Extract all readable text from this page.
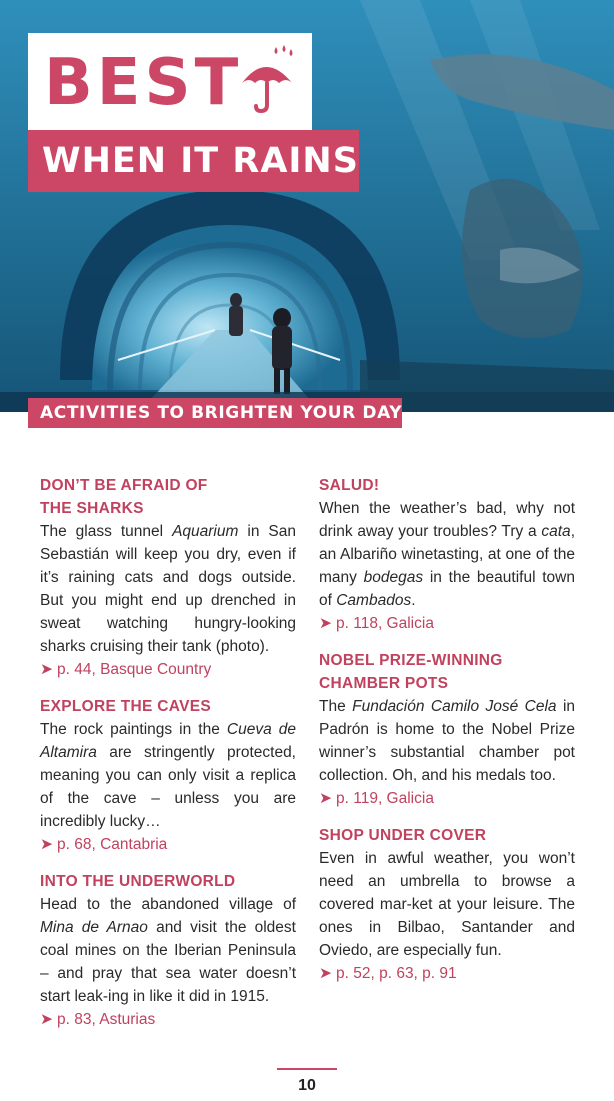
BEST
WHEN IT RAINS
ACTIVITIES TO BRIGHTEN YOUR DAY
DON’T BE AFRAID OF
THE SHARKS

The glass tunnel Aquarium in San Sebastián will keep you dry, even if it’s raining cats and dogs outside. But you might end up drenched in sweat watching hungry-looking sharks cruising their tank (photo).

➤ p. 44, Basque Country

EXPLORE THE CAVES

The rock paintings in the Cueva de Altamira are stringently protected, meaning you can only visit a replica of the cave – unless you are incredibly lucky…

➤ p. 68, Cantabria

INTO THE UNDERWORLD

Head to the abandoned village of Mina de Arnao and visit the oldest coal mines on the Iberian Peninsula – and pray that sea water doesn’t start leak-ing in like it did in 1915.

➤ p. 83, Asturias

SALUD!

When the weather’s bad, why not drink away your troubles? Try a cata, an Albariño winetasting, at one of the many bodegas in the beautiful town of Cambados.

➤ p. 118, Galicia

NOBEL PRIZE-WINNING
CHAMBER POTS

The Fundación Camilo José Cela in Padrón is home to the Nobel Prize winner’s substantial chamber pot collection. Oh, and his medals too.

➤ p. 119, Galicia

SHOP UNDER COVER

Even in awful weather, you won’t need an umbrella to browse a covered mar-ket at your leisure. The ones in Bilbao, Santander and Oviedo, are especially fun.

➤ p. 52, p. 63, p. 91

10
